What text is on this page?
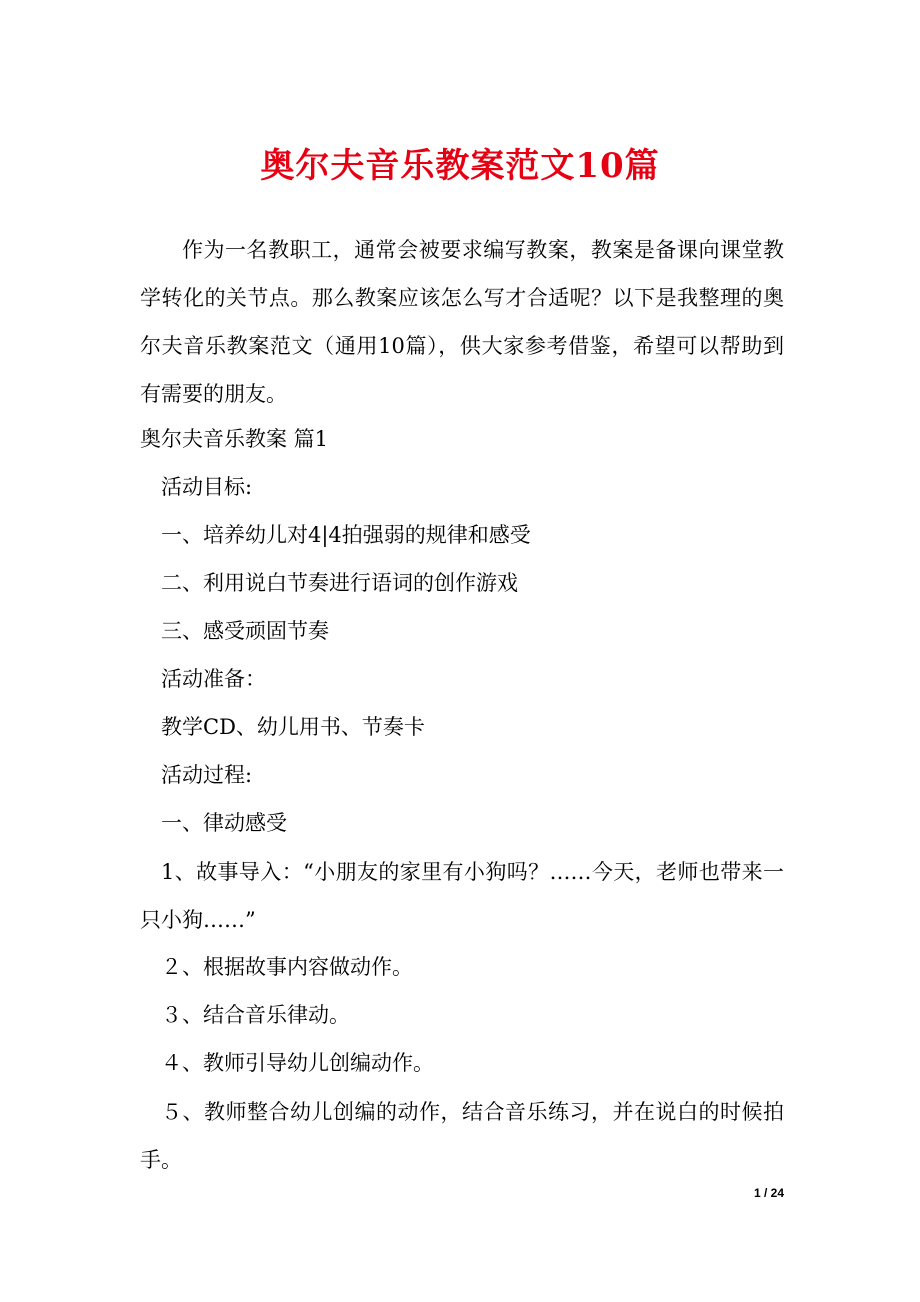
奥尔夫音乐教案范文10篇

作为一名教职工，通常会被要求编写教案，教案是备课向课堂教学转化的关节点。那么教案应该怎么写才合适呢？以下是我整理的奥尔夫音乐教案范文（通用10篇），供大家参考借鉴，希望可以帮助到有需要的朋友。

奥尔夫音乐教案 篇1

活动目标:

一、培养幼儿对4|4拍强弱的规律和感受

二、利用说白节奏进行语词的创作游戏

三、感受顽固节奏

活动准备：

教学CD、幼儿用书、节奏卡

活动过程:

一、律动感受

1、故事导入：“小朋友的家里有小狗吗？……今天，老师也带来一只小狗……”

２、根据故事内容做动作。

３、结合音乐律动。

４、教师引导幼儿创编动作。

５、教师整合幼儿创编的动作，结合音乐练习，并在说白的时候拍手。

1 / 24
